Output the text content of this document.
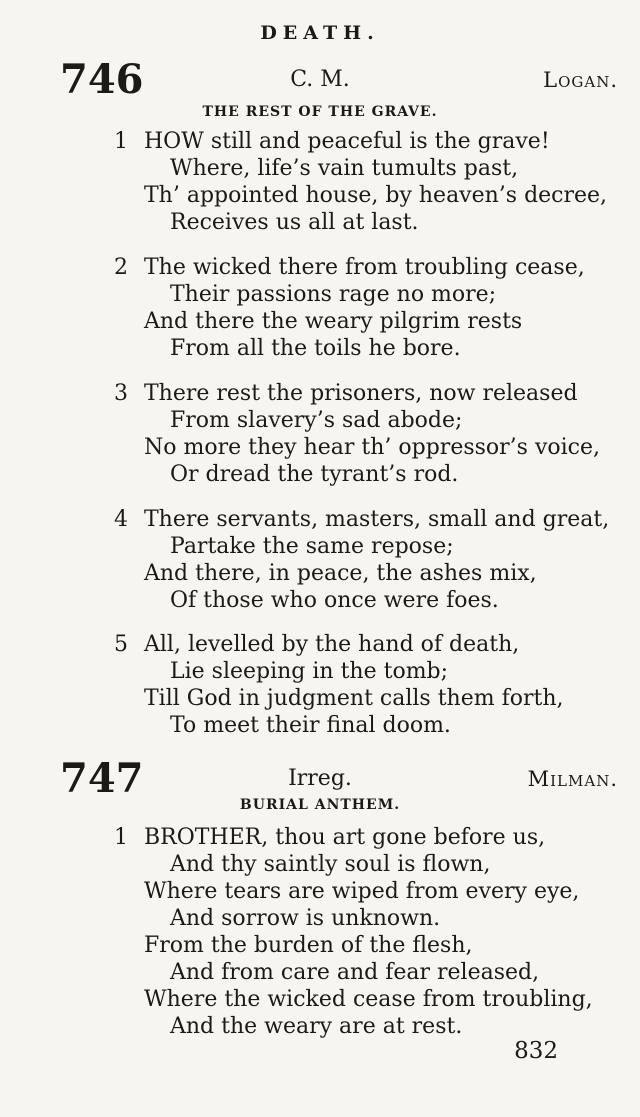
DEATH.
746	C. M.	Logan.
THE REST OF THE GRAVE.
1 HOW still and peaceful is the grave!
Where, life’s vain tumults past,
Th’ appointed house, by heaven’s decree,
Receives us all at last.
2 The wicked there from troubling cease,
Their passions rage no more;
And there the weary pilgrim rests
From all the toils he bore.
3 There rest the prisoners, now released
From slavery’s sad abode;
No more they hear th’ oppressor’s voice,
Or dread the tyrant’s rod.
4 There servants, masters, small and great,
Partake the same repose;
And there, in peace, the ashes mix,
Of those who once were foes.
5 All, levelled by the hand of death,
Lie sleeping in the tomb;
Till God in judgment calls them forth,
To meet their final doom.
747	Irreg.	Milman.
BURIAL ANTHEM.
1 BROTHER, thou art gone before us,
And thy saintly soul is flown,
Where tears are wiped from every eye,
And sorrow is unknown.
From the burden of the flesh,
And from care and fear released,
Where the wicked cease from troubling,
And the weary are at rest.
832
